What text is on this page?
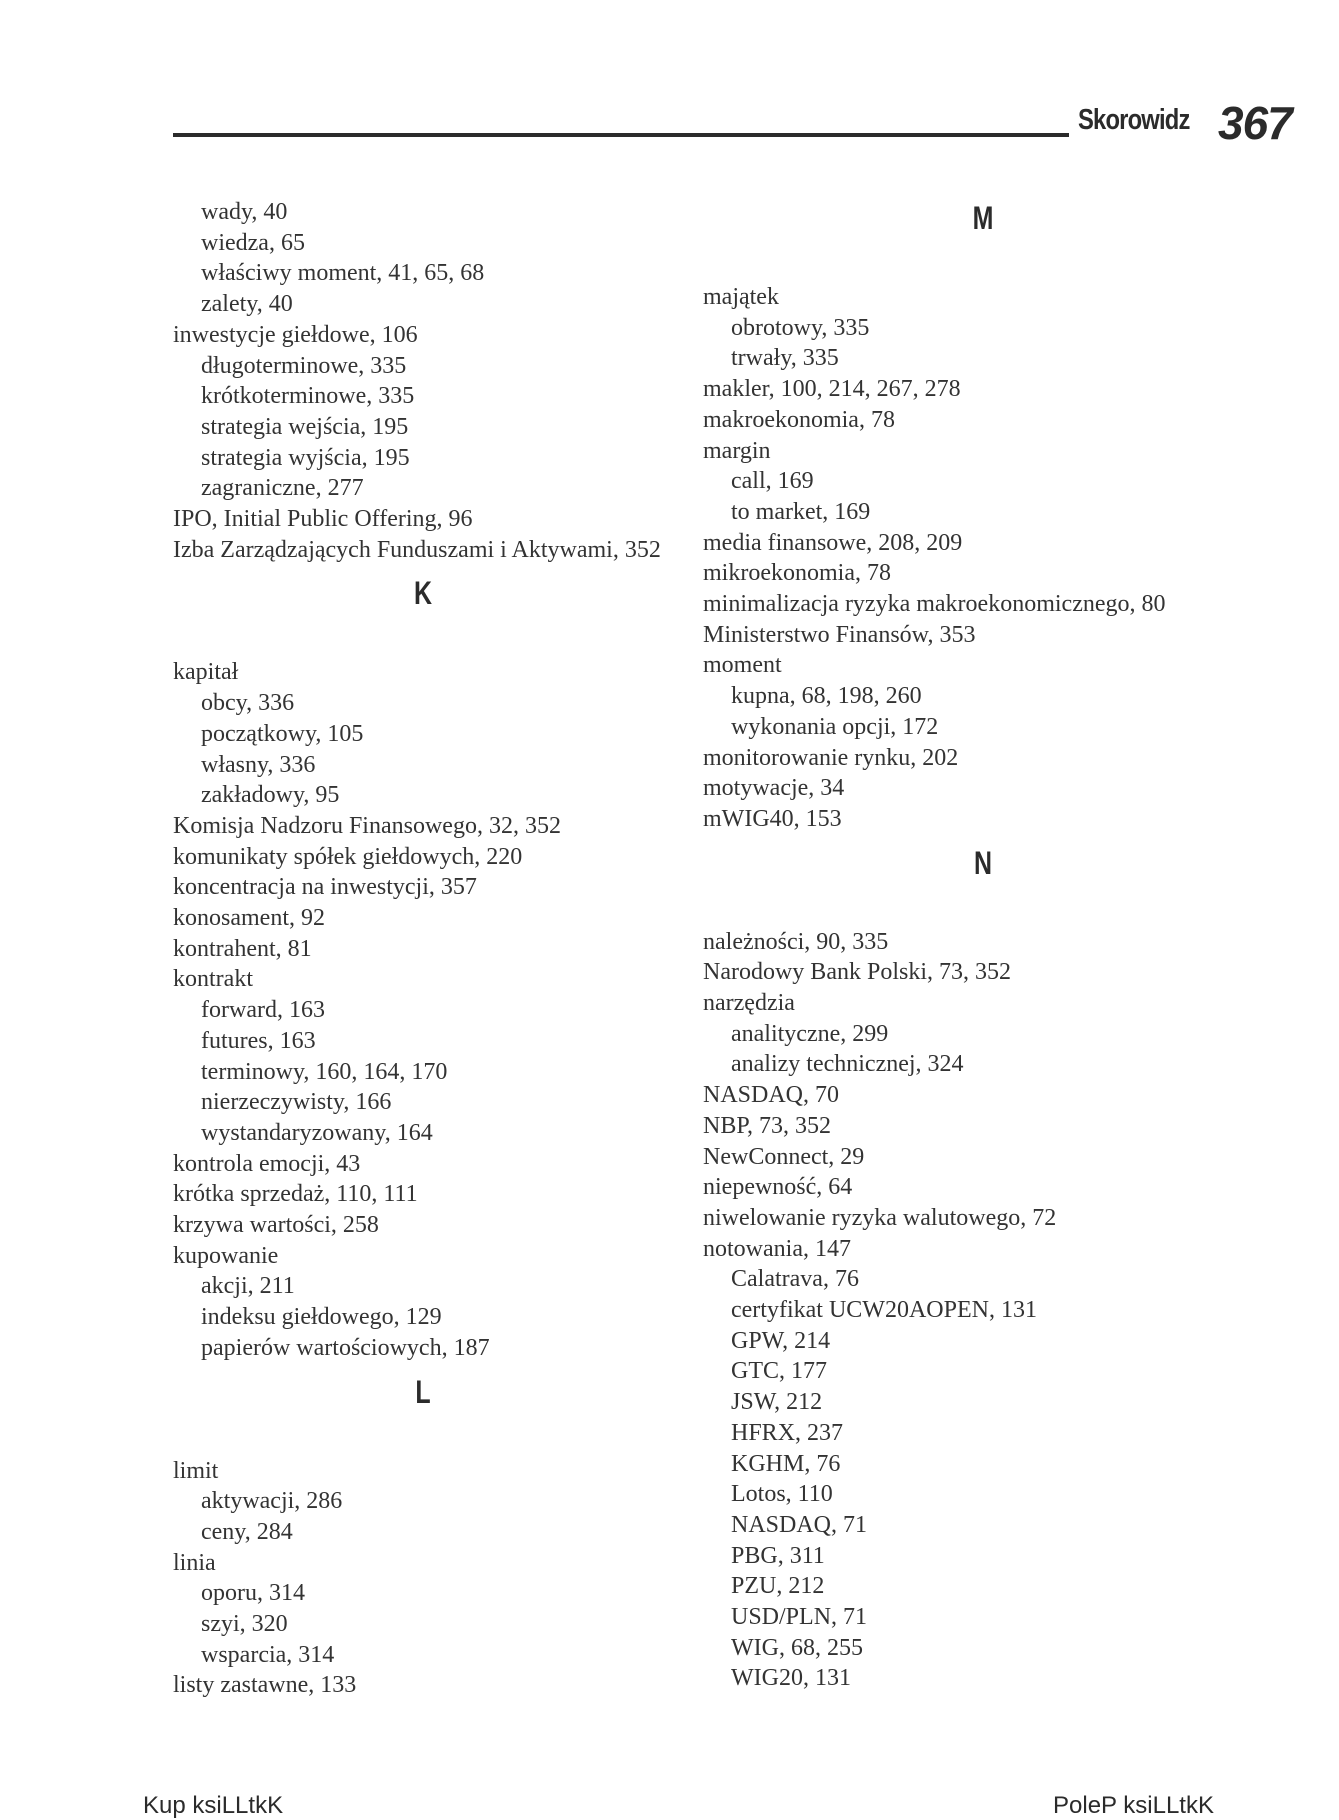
Skorowidz 367
wady, 40
wiedza, 65
właściwy moment, 41, 65, 68
zalety, 40
inwestycje giełdowe, 106
długoterminowe, 335
krótkoterminowe, 335
strategia wejścia, 195
strategia wyjścia, 195
zagraniczne, 277
IPO, Initial Public Offering, 96
Izba Zarządzających Funduszami i Aktywami, 352
K
kapitał
obcy, 336
początkowy, 105
własny, 336
zakładowy, 95
Komisja Nadzoru Finansowego, 32, 352
komunikaty spółek giełdowych, 220
koncentracja na inwestycji, 357
konosament, 92
kontrahent, 81
kontrakt
forward, 163
futures, 163
terminowy, 160, 164, 170
nierzeczywisty, 166
wystandaryzowany, 164
kontrola emocji, 43
krótka sprzedaż, 110, 111
krzywa wartości, 258
kupowanie
akcji, 211
indeksu giełdowego, 129
papierów wartościowych, 187
L
limit
aktywacji, 286
ceny, 284
linia
oporu, 314
szyi, 320
wsparcia, 314
listy zastawne, 133
M
majątek
obrotowy, 335
trwały, 335
makler, 100, 214, 267, 278
makroekonomia, 78
margin
call, 169
to market, 169
media finansowe, 208, 209
mikroekonomia, 78
minimalizacja ryzyka makroekonomicznego, 80
Ministerstwo Finansów, 353
moment
kupna, 68, 198, 260
wykonania opcji, 172
monitorowanie rynku, 202
motywacje, 34
mWIG40, 153
N
należności, 90, 335
Narodowy Bank Polski, 73, 352
narzędzia
analityczne, 299
analizy technicznej, 324
NASDAQ, 70
NBP, 73, 352
NewConnect, 29
niepewność, 64
niwelowanie ryzyka walutowego, 72
notowania, 147
Calatrava, 76
certyfikat UCW20AOPEN, 131
GPW, 214
GTC, 177
JSW, 212
HFRX, 237
KGHM, 76
Lotos, 110
NASDAQ, 71
PBG, 311
PZU, 212
USD/PLN, 71
WIG, 68, 255
WIG20, 131
Kup ksiLLtkK	PoleP ksiLLtkK
